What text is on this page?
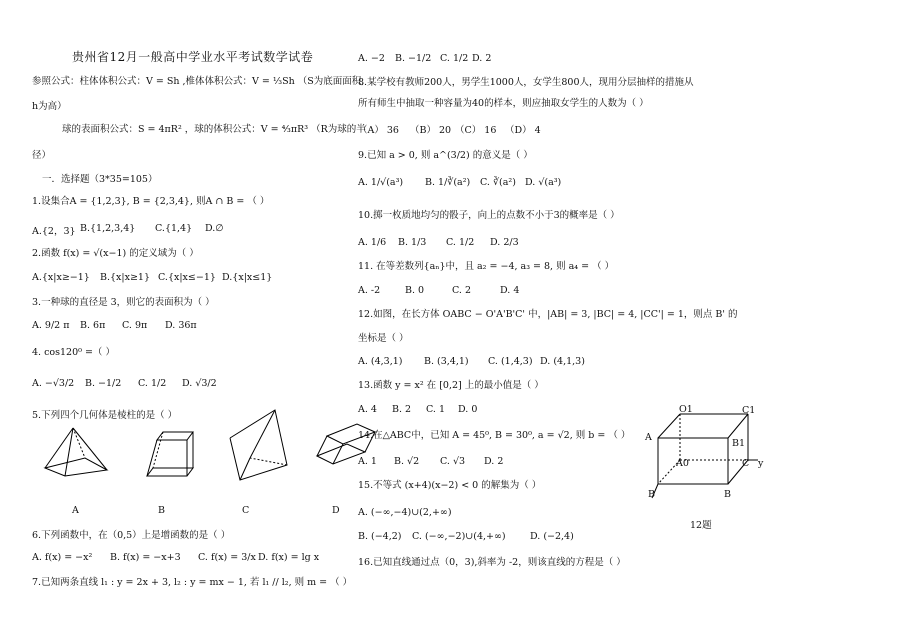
贵州省12月一般高中学业水平考试数学试卷
参照公式：柱体体积公式：V = Sh ,椎体体积公式：V = ⅓Sh （S为底面面积,
h为高）
球的表面积公式：S = 4πR² ，球的体积公式：V = ⁴⁄₃πR³ （R为球的半
径）
一．选择题（3*35=105）
1.设集合A = {1,2,3}, B = {2,3,4}, 则A ∩ B = （ ）
A.{2，3} B.{1,2,3,4} C.{1,4} D.∅
2.函数 f(x) = √(x−1) 的定义域为（ ）
A.{x|x≥−1} B.{x|x≥1} C.{x|x≤−1} D.{x|x≤1}
3.一种球的直径是 3，则它的表面积为（ ）
A. 9/2 π B. 6π C. 9π D. 36π
4. cos120⁰ =（ ）
A. −√3/2 B. −1/2 C. 1/2 D. √3/2
5.下列四个几何体是棱柱的是（ ）
A	B	C	D
6.下列函数中，在（0,5）上是增函数的是（ ）
A. f(x) = −x² B. f(x) = −x+3 C. f(x) = 3/x D. f(x) = lg x
7.已知两条直线 l₁ : y = 2x + 3, l₂ : y = mx − 1, 若 l₁ // l₂, 则 m = （ ）
A. −2 B. −1/2 C. 1/2 D. 2
8.某学校有教师200人，男学生1000人，女学生800人，现用分层抽样的措施从
所有师生中抽取一种容量为40的样本，则应抽取女学生的人数为（ ）
（A） 36 （B） 20 （C） 16 （D） 4
9.已知 a > 0, 则 a^(3/2) 的意义是（ ）
A. 1/√(a³) B. 1/∛(a²) C. ∛(a²) D. √(a³)
10.掷一枚质地均匀的骰子，向上的点数不小于3的概率是（ ）
A. 1/6 B. 1/3 C. 1/2 D. 2/3
11. 在等差数列{aₙ}中，且 a₂ = −4, a₃ = 8, 则 a₄ = （ ）
A. -2	B. 0	C. 2	D. 4
12.如图，在长方体 OABC − O'A'B'C' 中，|AB| = 3, |BC| = 4, |CC'| = 1，则点 B' 的
坐标是（ ）
A. (4,3,1) B. (3,4,1) C. (1,4,3) D. (4,1,3)
13.函数 y = x² 在 [0,2] 上的最小值是（ ）
A. 4 B. 2 C. 1 D. 0
14.在△ABC中，已知 A = 45⁰, B = 30⁰, a = √2, 则 b = （ ）
A. 1 B. √2 C. √3 D. 2
15.不等式 (x+4)(x−2) < 0 的解集为（ ）
A. (−∞,−4)∪(2,+∞)
B. (−4,2) C. (−∞,−2)∪(4,+∞)	D. (−2,4)
16.已知直线通过点（0，3),斜率为 -2，则该直线的方程是（ ）
O1	C1
A
B1
A0	C y
B	B
12题
